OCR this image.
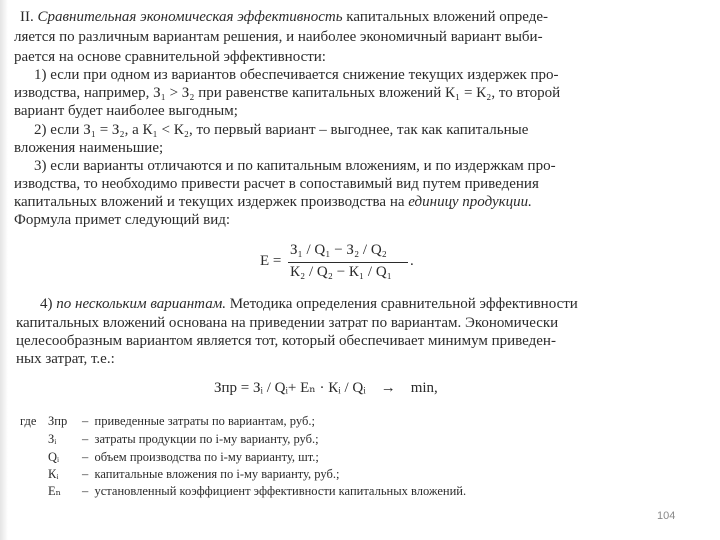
II. Сравнительная экономическая эффективность капитальных вложений опреде-
ляется по различным вариантам решения, и наиболее экономичный вариант выби-
рается на основе сравнительной эффективности:
1) если при одном из вариантов обеспечивается снижение текущих издержек про-
изводства, например, З₁ > З₂ при равенстве капитальных вложений К₁ = К₂, то второй
вариант будет наиболее выгодным;
2) если З₁ = З₂, а К₁ < К₂, то первый вариант – выгоднее, так как капитальные
вложения наименьшие;
3) если варианты отличаются и по капитальным вложениям, и по издержкам про-
изводства, то необходимо привести расчет в сопоставимый вид путем приведения
капитальных вложений и текущих издержек производства на единицу продукции.
Формула примет следующий вид:
Е =
З₁ / Q₁ − З₂ / Q₂
К₂ / Q₂ − К₁ / Q₁
.
4) по нескольким вариантам. Методика определения сравнительной эффективности
капитальных вложений основана на приведении затрат по вариантам. Экономически
целесообразным вариантом является тот, который обеспечивает минимум приведен-
ных затрат, т.е.:
Зпр = Зᵢ / Qᵢ+ Еₙ · Кᵢ / Qᵢ    →    min,
где Зпр –  приведенные затраты по вариантам, руб.;
Зᵢ –  затраты продукции по i-му варианту, руб.;
Qᵢ –  объем производства по i-му варианту, шт.;
Кᵢ –  капитальные вложения по i-му варианту, руб.;
Еₙ –  установленный коэффициент эффективности капитальных вложений.
104
